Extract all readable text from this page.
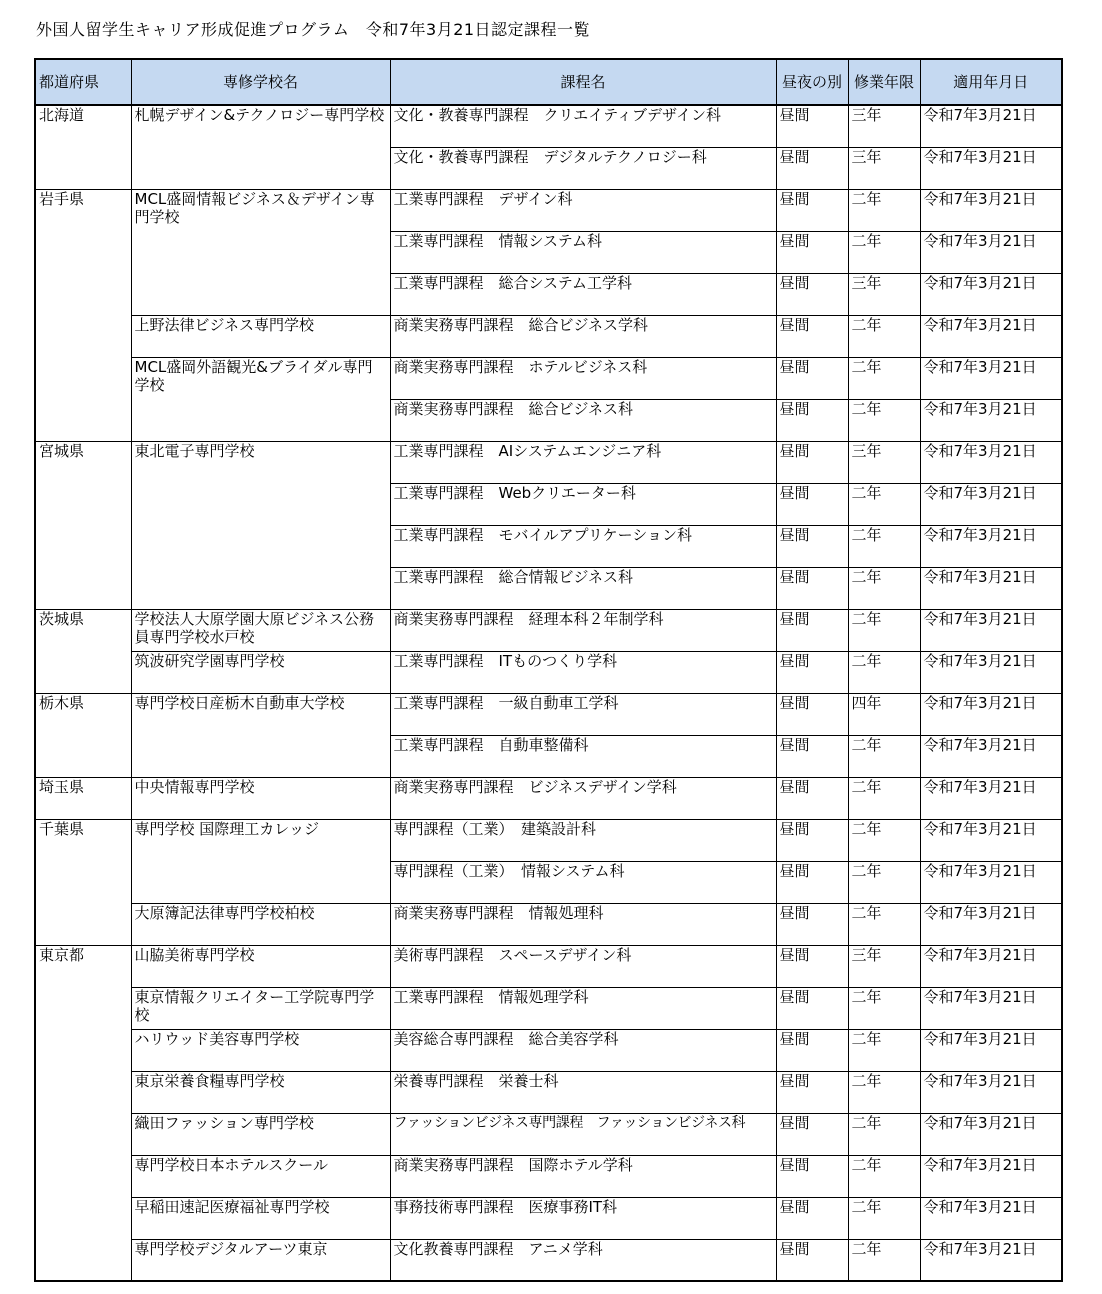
外国人留学生キャリア形成促進プログラム　令和7年3月21日認定課程一覧
都道府県	専修学校名	課程名	昼夜の別	修業年限	適用年月日
北海道	札幌デザイン&テクノロジー専門学校	文化・教養専門課程　クリエイティブデザイン科	昼間	三年	令和7年3月21日
		文化・教養専門課程　デジタルテクノロジー科	昼間	三年	令和7年3月21日
岩手県	MCL盛岡情報ビジネス＆デザイン専門学校	工業専門課程　デザイン科	昼間	二年	令和7年3月21日
		工業専門課程　情報システム科	昼間	二年	令和7年3月21日
		工業専門課程　総合システム工学科	昼間	三年	令和7年3月21日
	上野法律ビジネス専門学校	商業実務専門課程　総合ビジネス学科	昼間	二年	令和7年3月21日
	MCL盛岡外語観光&ブライダル専門学校	商業実務専門課程　ホテルビジネス科	昼間	二年	令和7年3月21日
		商業実務専門課程　総合ビジネス科	昼間	二年	令和7年3月21日
宮城県	東北電子専門学校	工業専門課程　AIシステムエンジニア科	昼間	三年	令和7年3月21日
		工業専門課程　Webクリエーター科	昼間	二年	令和7年3月21日
		工業専門課程　モバイルアプリケーション科	昼間	二年	令和7年3月21日
		工業専門課程　総合情報ビジネス科	昼間	二年	令和7年3月21日
茨城県	学校法人大原学園大原ビジネス公務員専門学校水戸校	商業実務専門課程　経理本科２年制学科	昼間	二年	令和7年3月21日
	筑波研究学園専門学校	工業専門課程　ITものつくり学科	昼間	二年	令和7年3月21日
栃木県	専門学校日産栃木自動車大学校	工業専門課程　一級自動車工学科	昼間	四年	令和7年3月21日
		工業専門課程　自動車整備科	昼間	二年	令和7年3月21日
埼玉県	中央情報専門学校	商業実務専門課程　ビジネスデザイン学科	昼間	二年	令和7年3月21日
千葉県	専門学校 国際理工カレッジ	専門課程（工業）　建築設計科	昼間	二年	令和7年3月21日
		専門課程（工業）　情報システム科	昼間	二年	令和7年3月21日
	大原簿記法律専門学校柏校	商業実務専門課程　情報処理科	昼間	二年	令和7年3月21日
東京都	山脇美術専門学校	美術専門課程　スペースデザイン科	昼間	三年	令和7年3月21日
	東京情報クリエイター工学院専門学校	工業専門課程　情報処理学科	昼間	二年	令和7年3月21日
	ハリウッド美容専門学校	美容総合専門課程　総合美容学科	昼間	二年	令和7年3月21日
	東京栄養食糧専門学校	栄養専門課程　栄養士科	昼間	二年	令和7年3月21日
	織田ファッション専門学校	ファッションビジネス専門課程　ファッションビジネス科	昼間	二年	令和7年3月21日
	専門学校日本ホテルスクール	商業実務専門課程　国際ホテル学科	昼間	二年	令和7年3月21日
	早稲田速記医療福祉専門学校	事務技術専門課程　医療事務IT科	昼間	二年	令和7年3月21日
	専門学校デジタルアーツ東京	文化教養専門課程　アニメ学科	昼間	二年	令和7年3月21日
